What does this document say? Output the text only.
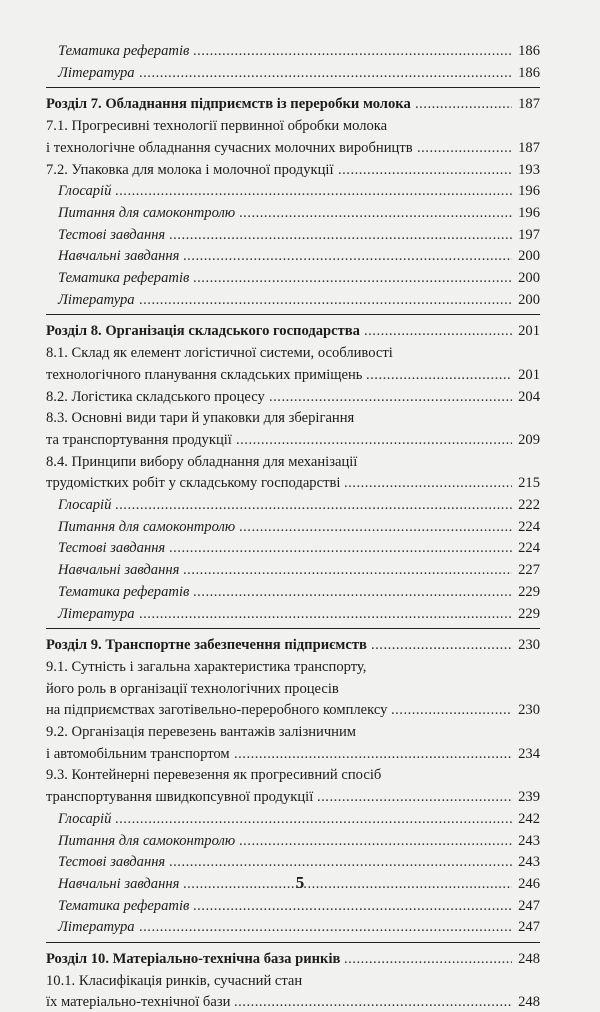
Тематика рефератів	186
.....
Література	186
.....
Розділ 7. Обладнання підприємств із переробки молока	187
.....
7.1. Прогресивні технології первинної обробки молока
і технологічне обладнання сучасних молочних виробництв	187
.....
7.2. Упаковка для молока і молочної продукції	193
.....
Глосарій	196
.....
Питання для самоконтролю	196
.....
Тестові завдання	197
.....
Навчальні завдання	200
.....
Тематика рефератів	200
.....
Література	200
.....
Розділ 8. Організація складського господарства	201
.....
8.1. Склад як елемент логістичної системи, особливості
технологічного планування складських приміщень	201
.....
8.2. Логістика складського процесу	204
.....
8.3. Основні види тари й упаковки для зберігання
та транспортування продукції	209
.....
8.4. Принципи вибору обладнання для механізації
трудомістких робіт у складському господарстві	215
.....
Глосарій	222
.....
Питання для самоконтролю	224
.....
Тестові завдання	224
.....
Навчальні завдання	227
.....
Тематика рефератів	229
.....
Література	229
.....
Розділ 9. Транспортне забезпечення підприємств	230
.....
9.1. Сутність і загальна характеристика транспорту,
його роль в організації технологічних процесів
на підприємствах заготівельно-переробного комплексу	230
.....
9.2. Організація перевезень вантажів залізничним
і автомобільним транспортом	234
.....
9.3. Контейнерні перевезення як прогресивний спосіб
транспортування швидкопсувної продукції	239
.....
Глосарій	242
.....
Питання для самоконтролю	243
.....
Тестові завдання	243
.....
Навчальні завдання	246
.....
Тематика рефератів	247
.....
Література	247
.....
Розділ 10. Матеріально-технічна база ринків	248
.....
10.1. Класифікація ринків, сучасний стан
їх матеріально-технічної бази	248
.....
5
